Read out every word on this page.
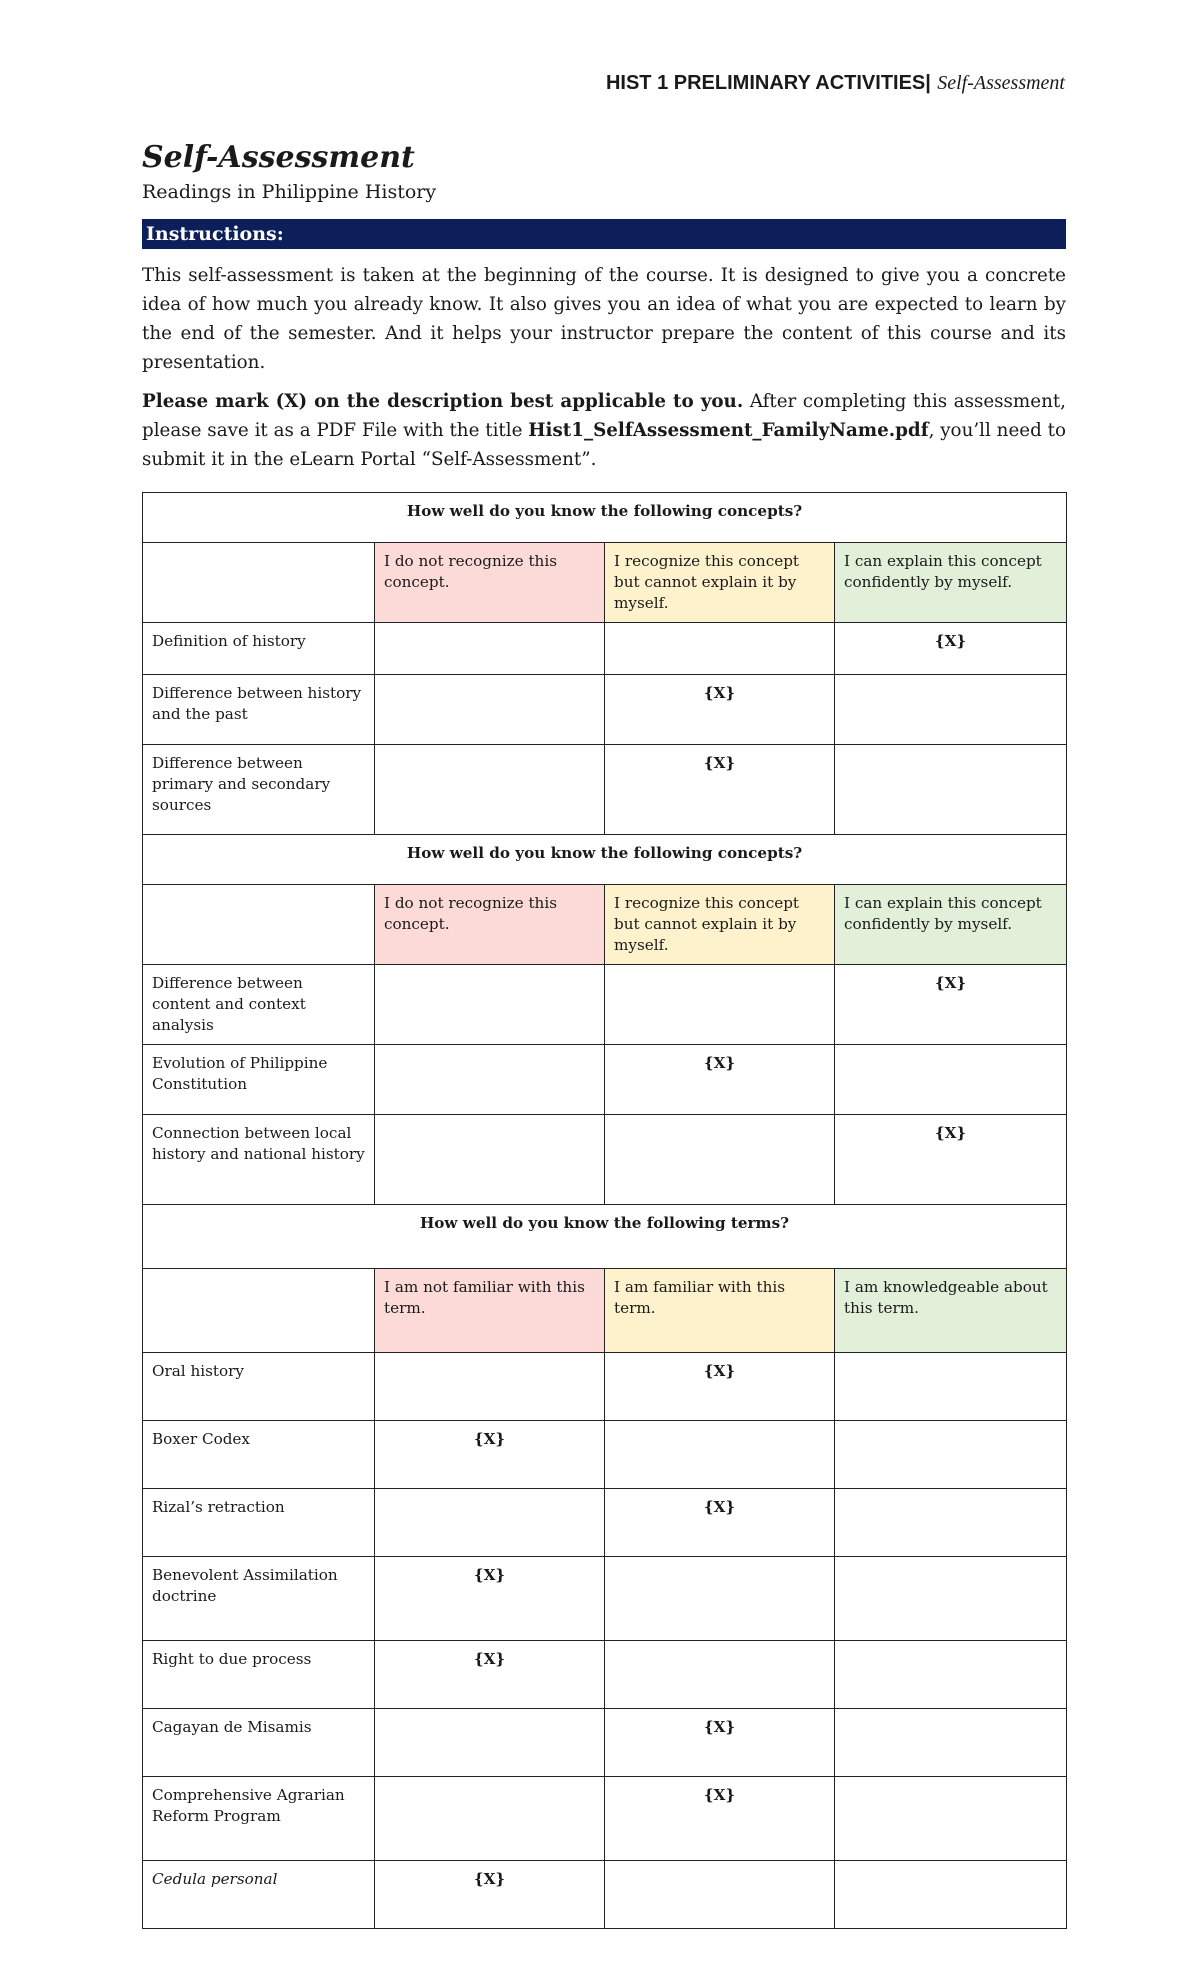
HIST 1 PRELIMINARY ACTIVITIES| Self-Assessment
Self-Assessment
Readings in Philippine History
Instructions:

This self-assessment is taken at the beginning of the course. It is designed to give you a concrete idea of how much you already know. It also gives you an idea of what you are expected to learn by the end of the semester. And it helps your instructor prepare the content of this course and its presentation.

Please mark (X) on the description best applicable to you. After completing this assessment, please save it as a PDF File with the title Hist1_SelfAssessment_FamilyName.pdf, you’ll need to submit it in the eLearn Portal “Self-Assessment”.

How well do you know the following concepts?			
	I do not recognize this concept.	I recognize this concept but cannot explain it by myself.	I can explain this concept confidently by myself.
Definition of history			{X}
Difference between history and the past		{X}	
Difference between primary and secondary sources		{X}	
How well do you know the following concepts?			
	I do not recognize this concept.	I recognize this concept but cannot explain it by myself.	I can explain this concept confidently by myself.
Difference between content and context analysis			{X}
Evolution of Philippine Constitution		{X}	
Connection between local history and national history			{X}
How well do you know the following terms?			
	I am not familiar with this term.	I am familiar with this term.	I am knowledgeable about this term.
Oral history		{X}	
Boxer Codex	{X}		
Rizal’s retraction		{X}	
Benevolent Assimilation doctrine	{X}		
Right to due process	{X}		
Cagayan de Misamis		{X}	
Comprehensive Agrarian Reform Program		{X}	
Cedula personal	{X}		
